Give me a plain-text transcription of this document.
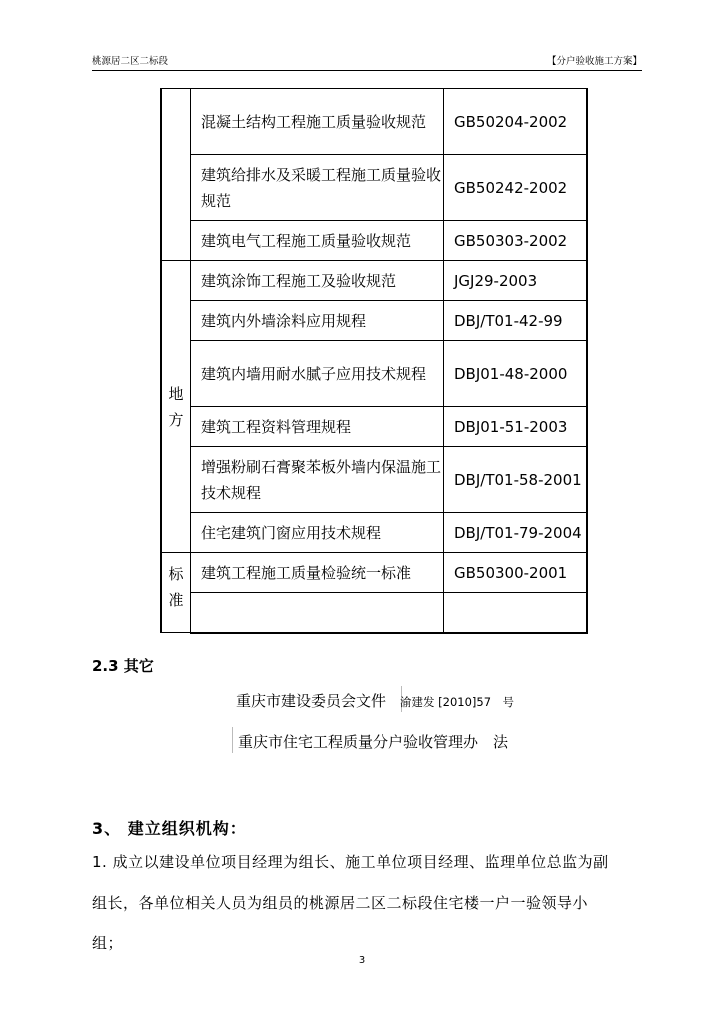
桃源居二区二标段	【分户验收施工方案】
	混凝土结构工程施工质量验收规范	GB50204-2002
	建筑给排水及采暖工程施工质量验收规范	GB50242-2002
	建筑电气工程施工质量验收规范	GB50303-2002

地
方	建筑涂饰工程施工及验收规范	JGJ29-2003
	建筑内外墙涂料应用规程	DBJ/T01-42-99
	建筑内墙用耐水腻子应用技术规程	DBJ01-48-2000
	建筑工程资料管理规程	DBJ01-51-2003
	增强粉刷石膏聚苯板外墙内保温施工技术规程	DBJ/T01-58-2001
	住宅建筑门窗应用技术规程	DBJ/T01-79-2004

标
准	建筑工程施工质量检验统一标准	GB50300-2001

2.3 其它
重庆市建设委员会文件 渝建发 [2010]57　号
重庆市住宅工程质量分户验收管理办　法
3、 建立组织机构：
1. 成立以建设单位项目经理为组长、施工单位项目经理、监理单位总监为副
组长，各单位相关人员为组员的桃源居二区二标段住宅楼一户一验领导小
组；
3
